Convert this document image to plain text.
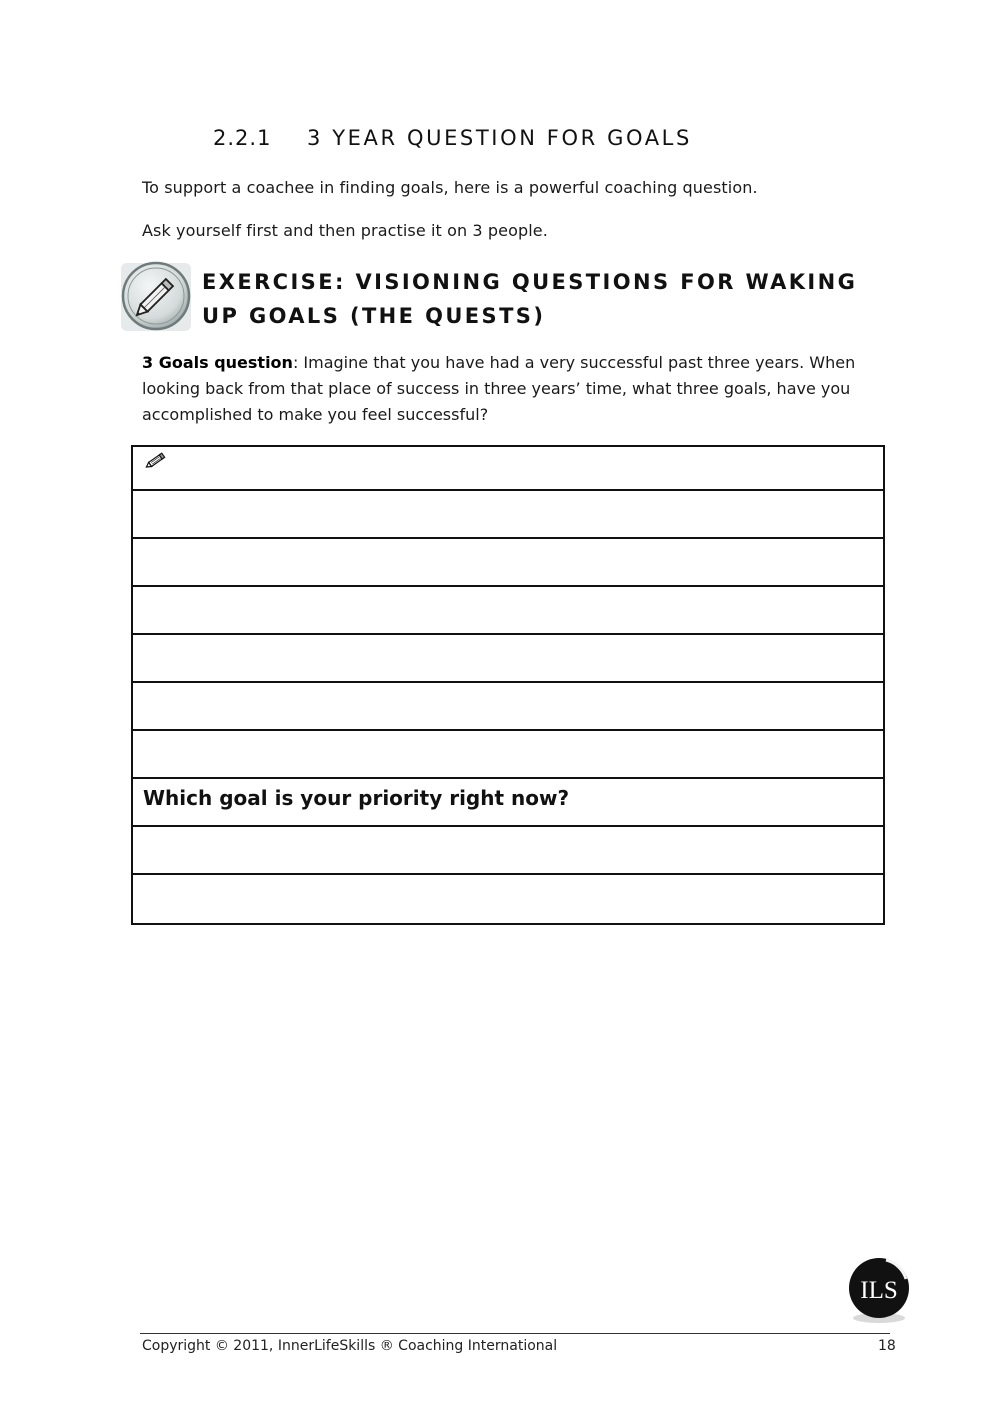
2.2.1 3 YEAR QUESTION FOR GOALS
To support a coachee in finding goals, here is a powerful coaching question.
Ask yourself first and then practise it on 3 people.
EXERCISE: VISIONING QUESTIONS FOR WAKING UP GOALS (THE QUESTS)
3 Goals question: Imagine that you have had a very successful past three years. When looking back from that place of success in three years’ time, what three goals, have you accomplished to make you feel successful?
Which goal is your priority right now?
ILS
Copyright © 2011, InnerLifeSkills ® Coaching International	18
